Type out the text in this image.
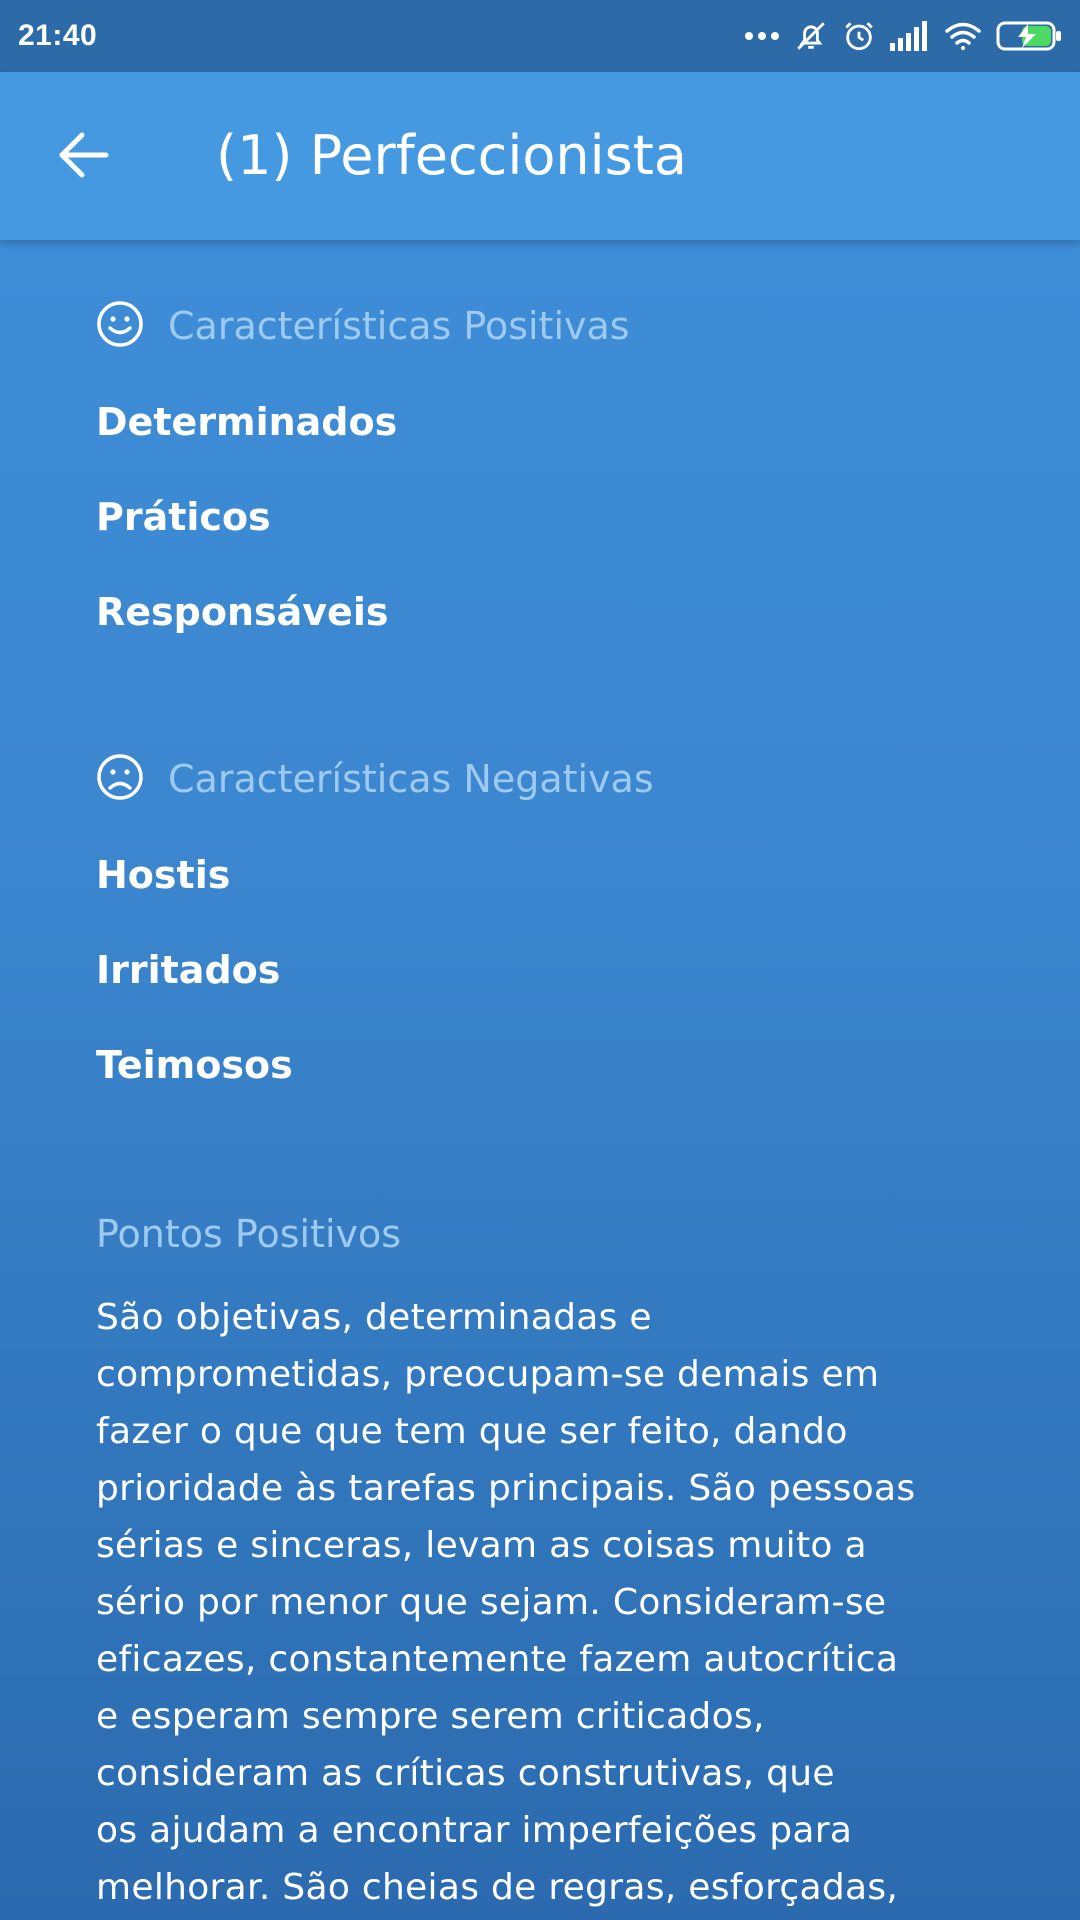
21:40
(1) Perfeccionista
Características Positivas
Determinados
Práticos
Responsáveis
Características Negativas
Hostis
Irritados
Teimosos
Pontos Positivos
São objetivas, determinadas e
comprometidas, preocupam-se demais em
fazer o que que tem que ser feito, dando
prioridade às tarefas principais. São pessoas
sérias e sinceras, levam as coisas muito a
sério por menor que sejam. Consideram-se
eficazes, constantemente fazem autocrítica
e esperam sempre serem criticados,
consideram as críticas construtivas, que
os ajudam a encontrar imperfeições para
melhorar. São cheias de regras, esforçadas,
